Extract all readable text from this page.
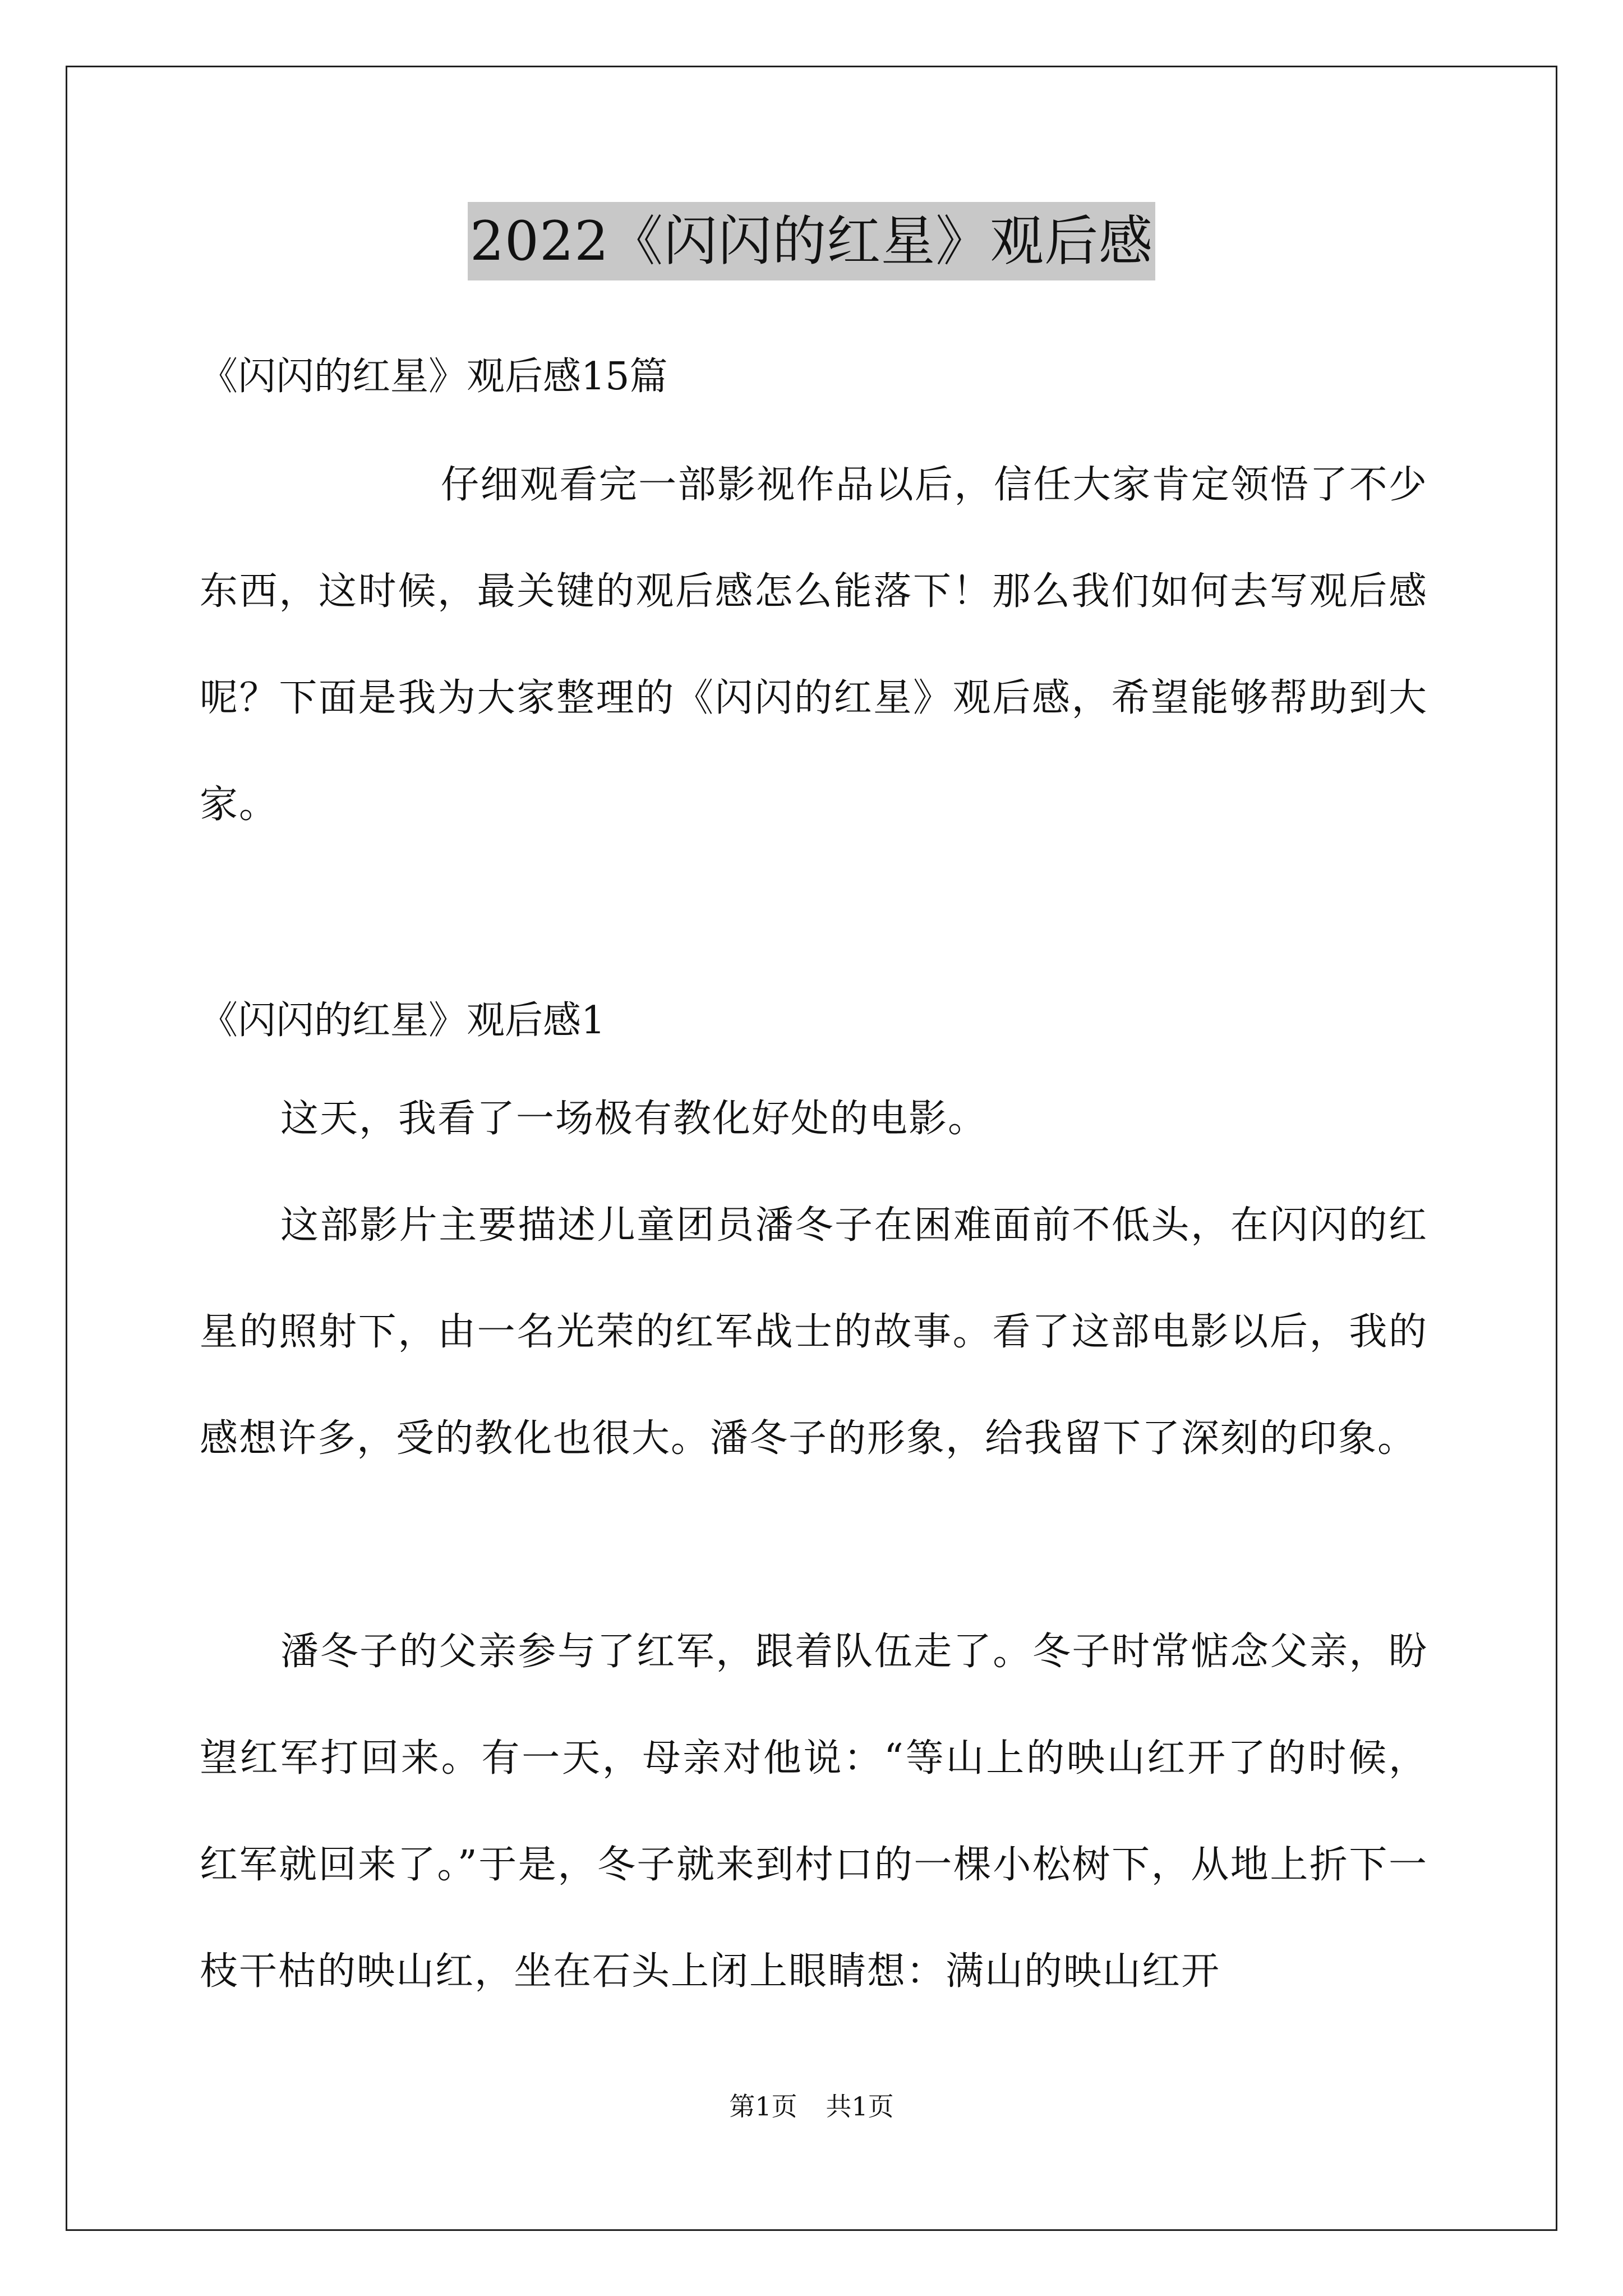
2022《闪闪的红星》观后感
《闪闪的红星》观后感15篇
仔细观看完一部影视作品以后，信任大家肯定领悟了不少东西，这时候，最关键的观后感怎么能落下！那么我们如何去写观后感呢？下面是我为大家整理的《闪闪的红星》观后感，希望能够帮助到大家。
《闪闪的红星》观后感1
这天，我看了一场极有教化好处的电影。
这部影片主要描述儿童团员潘冬子在困难面前不低头，在闪闪的红星的照射下，由一名光荣的红军战士的故事。看了这部电影以后，我的感想许多，受的教化也很大。潘冬子的形象，给我留下了深刻的印象。
潘冬子的父亲参与了红军，跟着队伍走了。冬子时常惦念父亲，盼望红军打回来。有一天，母亲对他说：“等山上的映山红开了的时候，红军就回来了。”于是，冬子就来到村口的一棵小松树下，从地上折下一枝干枯的映山红，坐在石头上闭上眼睛想：满山的映山红开
第1页 共1页
